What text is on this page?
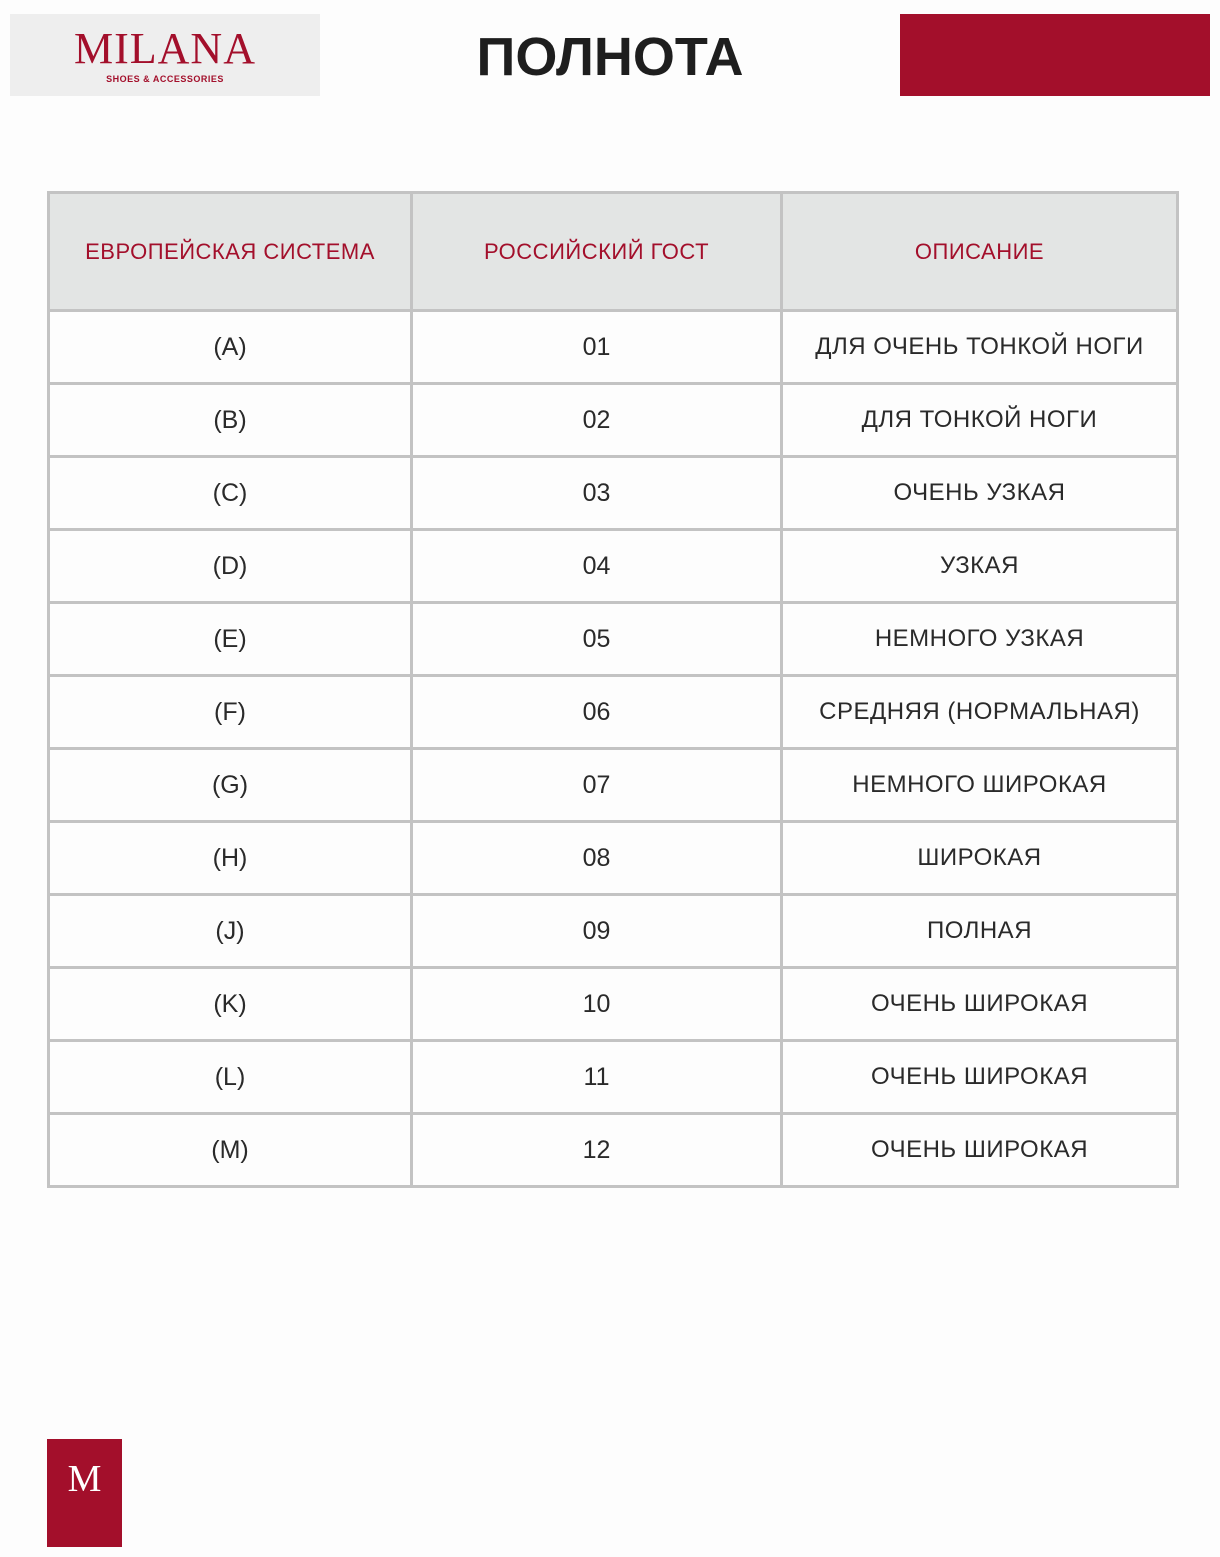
MILANA
SHOES & ACCESSORIES	ПОЛНОТА
ЕВРОПЕЙСКАЯ СИСТЕМА	РОССИЙСКИЙ ГОСТ	ОПИСАНИЕ
(A)	01	ДЛЯ ОЧЕНЬ ТОНКОЙ НОГИ
(B)	02	ДЛЯ ТОНКОЙ НОГИ
(C)	03	ОЧЕНЬ УЗКАЯ
(D)	04	УЗКАЯ
(E)	05	НЕМНОГО УЗКАЯ
(F)	06	СРЕДНЯЯ (НОРМАЛЬНАЯ)
(G)	07	НЕМНОГО ШИРОКАЯ
(H)	08	ШИРОКАЯ
(J)	09	ПОЛНАЯ
(K)	10	ОЧЕНЬ ШИРОКАЯ
(L)	11	ОЧЕНЬ ШИРОКАЯ
(M)	12	ОЧЕНЬ ШИРОКАЯ
M
